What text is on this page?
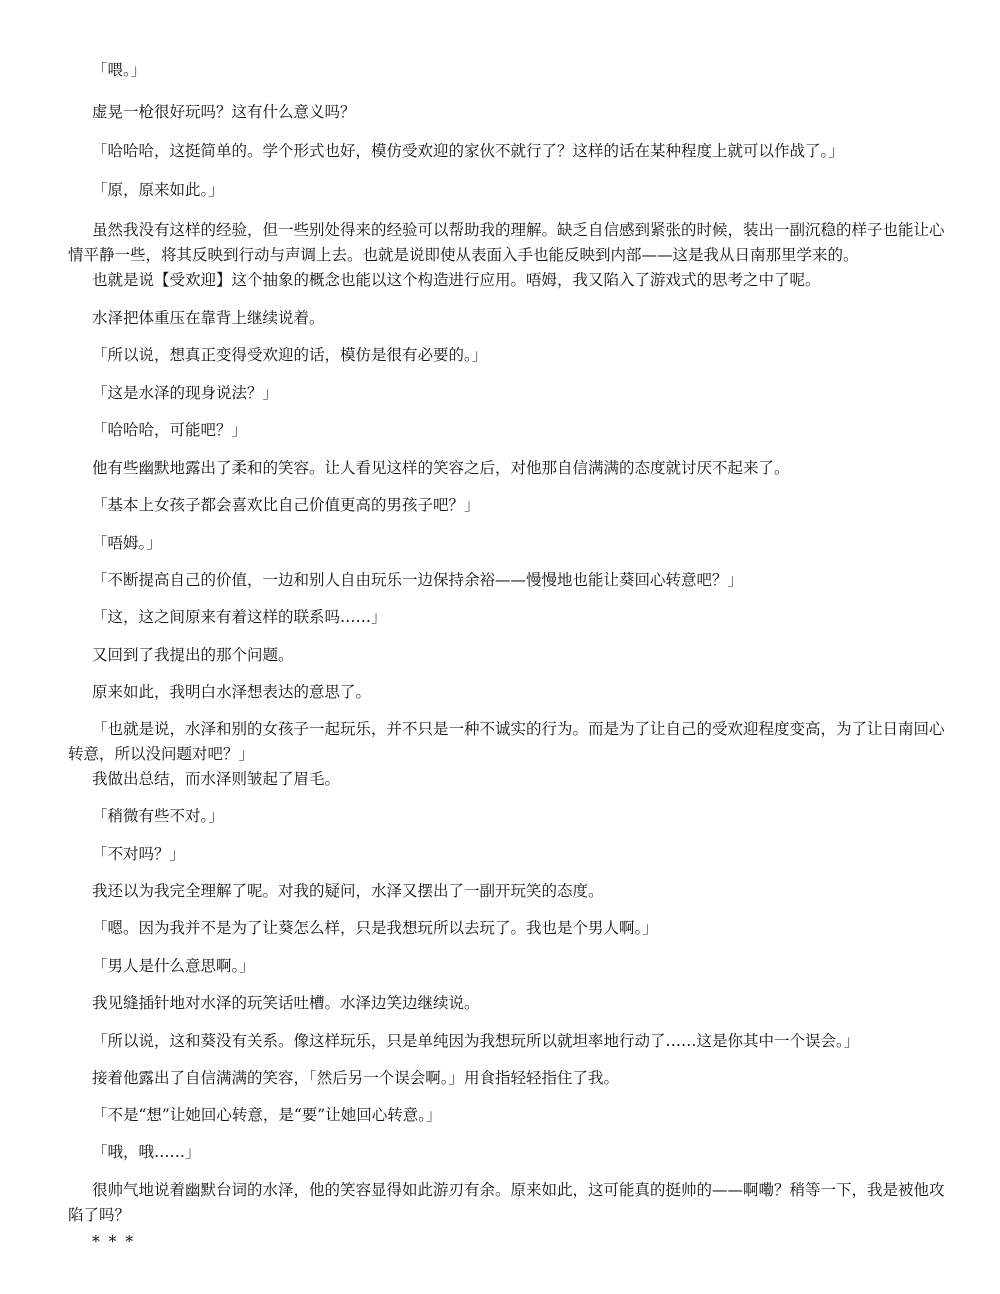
「喂。」

虚晃一枪很好玩吗？这有什么意义吗？

「哈哈哈，这挺简单的。学个形式也好，模仿受欢迎的家伙不就行了？这样的话在某种程度上就可以作战了。」

「原，原来如此。」

虽然我没有这样的经验，但一些别处得来的经验可以帮助我的理解。缺乏自信感到紧张的时候，装出一副沉稳的样子也能让心情平静一些，将其反映到行动与声调上去。也就是说即使从表面入手也能反映到内部——这是我从日南那里学来的。

也就是说【受欢迎】这个抽象的概念也能以这个构造进行应用。唔姆，我又陷入了游戏式的思考之中了呢。

水泽把体重压在靠背上继续说着。

「所以说，想真正变得受欢迎的话，模仿是很有必要的。」

「这是水泽的现身说法？」

「哈哈哈，可能吧？」

他有些幽默地露出了柔和的笑容。让人看见这样的笑容之后，对他那自信满满的态度就讨厌不起来了。

「基本上女孩子都会喜欢比自己价值更高的男孩子吧？」

「唔姆。」

「不断提高自己的价值，一边和别人自由玩乐一边保持余裕——慢慢地也能让葵回心转意吧？」

「这，这之间原来有着这样的联系吗……」

又回到了我提出的那个问题。

原来如此，我明白水泽想表达的意思了。

「也就是说，水泽和别的女孩子一起玩乐，并不只是一种不诚实的行为。而是为了让自己的受欢迎程度变高，为了让日南回心转意，所以没问题对吧？」

我做出总结，而水泽则皱起了眉毛。

「稍微有些不对。」

「不对吗？」

我还以为我完全理解了呢。对我的疑问，水泽又摆出了一副开玩笑的态度。

「嗯。因为我并不是为了让葵怎么样，只是我想玩所以去玩了。我也是个男人啊。」

「男人是什么意思啊。」

我见缝插针地对水泽的玩笑话吐槽。水泽边笑边继续说。

「所以说，这和葵没有关系。像这样玩乐，只是单纯因为我想玩所以就坦率地行动了……这是你其中一个误会。」

接着他露出了自信满满的笑容，「然后另一个误会啊。」用食指轻轻指住了我。

「不是“想”让她回心转意，是“要”让她回心转意。」

「哦，哦……」

很帅气地说着幽默台词的水泽，他的笑容显得如此游刃有余。原来如此，这可能真的挺帅的——啊嘞？稍等一下，我是被他攻陷了吗？

* * *
